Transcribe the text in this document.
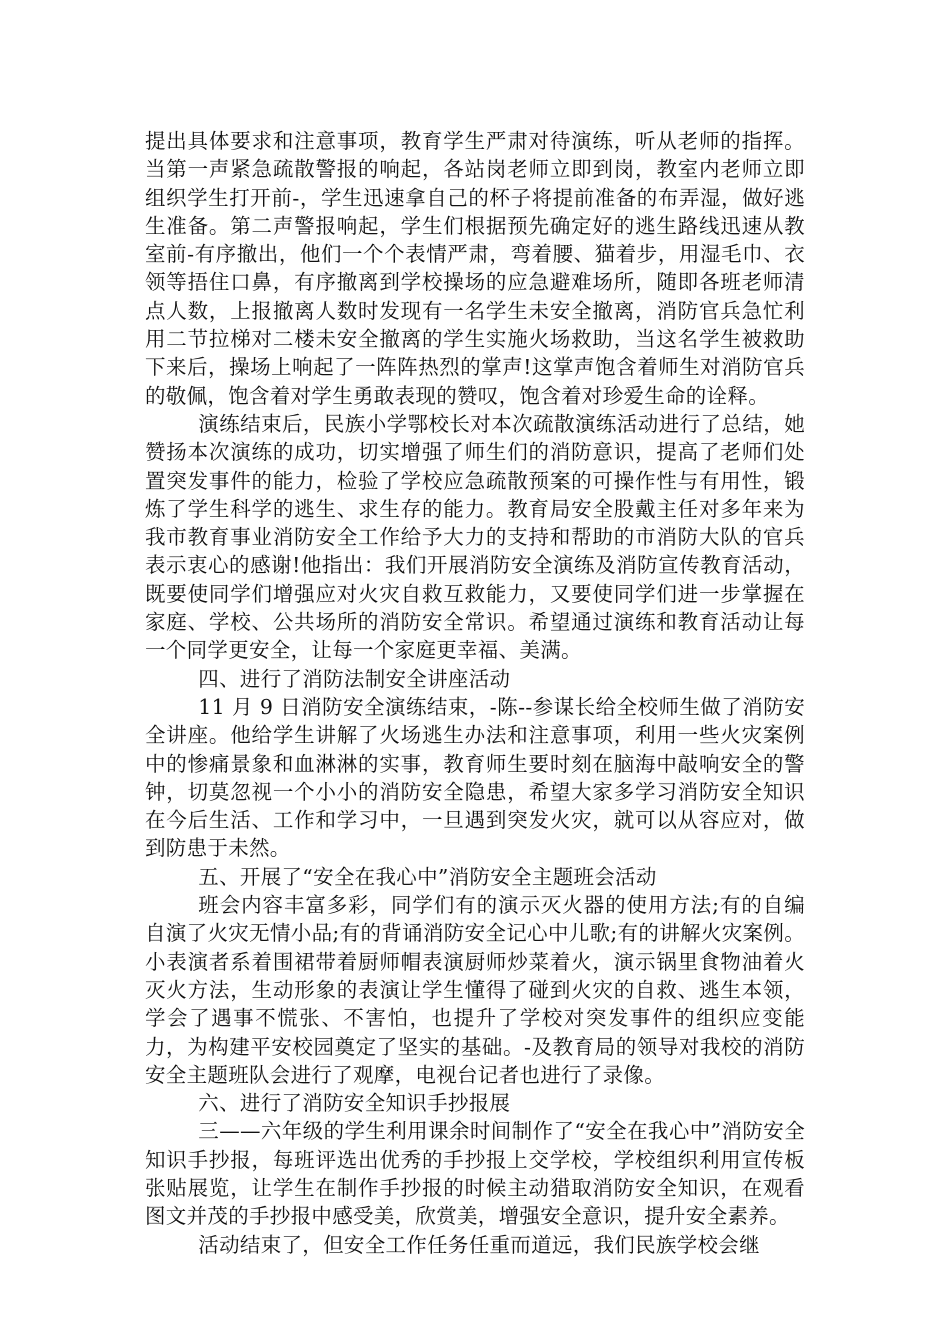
提出具体要求和注意事项，教育学生严肃对待演练，听从老师的指挥。当第一声紧急疏散警报的响起，各站岗老师立即到岗，教室内老师立即组织学生打开前-，学生迅速拿自己的杯子将提前准备的布弄湿，做好逃生准备。第二声警报响起，学生们根据预先确定好的逃生路线迅速从教室前-有序撤出，他们一个个表情严肃，弯着腰、猫着步，用湿毛巾、衣领等捂住口鼻，有序撤离到学校操场的应急避难场所，随即各班老师清点人数，上报撤离人数时发现有一名学生未安全撤离，消防官兵急忙利用二节拉梯对二楼未安全撤离的学生实施火场救助，当这名学生被救助下来后，操场上响起了一阵阵热烈的掌声!这掌声饱含着师生对消防官兵的敬佩，饱含着对学生勇敢表现的赞叹，饱含着对珍爱生命的诠释。

演练结束后，民族小学鄂校长对本次疏散演练活动进行了总结，她赞扬本次演练的成功，切实增强了师生们的消防意识，提高了老师们处置突发事件的能力，检验了学校应急疏散预案的可操作性与有用性，锻炼了学生科学的逃生、求生存的能力。教育局安全股戴主任对多年来为我市教育事业消防安全工作给予大力的支持和帮助的市消防大队的官兵表示衷心的感谢!他指出：我们开展消防安全演练及消防宣传教育活动，既要使同学们增强应对火灾自救互救能力，又要使同学们进一步掌握在家庭、学校、公共场所的消防安全常识。希望通过演练和教育活动让每一个同学更安全，让每一个家庭更幸福、美满。

四、进行了消防法制安全讲座活动

11 月 9 日消防安全演练结束，-陈--参谋长给全校师生做了消防安全讲座。他给学生讲解了火场逃生办法和注意事项，利用一些火灾案例中的惨痛景象和血淋淋的实事，教育师生要时刻在脑海中敲响安全的警钟，切莫忽视一个小小的消防安全隐患，希望大家多学习消防安全知识在今后生活、工作和学习中，一旦遇到突发火灾，就可以从容应对，做到防患于未然。

五、开展了“安全在我心中”消防安全主题班会活动

班会内容丰富多彩，同学们有的演示灭火器的使用方法;有的自编自演了火灾无情小品;有的背诵消防安全记心中儿歌;有的讲解火灾案例。小表演者系着围裙带着厨师帽表演厨师炒菜着火，演示锅里食物油着火灭火方法，生动形象的表演让学生懂得了碰到火灾的自救、逃生本领，学会了遇事不慌张、不害怕，也提升了学校对突发事件的组织应变能力，为构建平安校园奠定了坚实的基础。-及教育局的领导对我校的消防安全主题班队会进行了观摩，电视台记者也进行了录像。

六、进行了消防安全知识手抄报展

三——六年级的学生利用课余时间制作了“安全在我心中”消防安全知识手抄报，每班评选出优秀的手抄报上交学校，学校组织利用宣传板张贴展览，让学生在制作手抄报的时候主动猎取消防安全知识，在观看图文并茂的手抄报中感受美，欣赏美，增强安全意识，提升安全素养。

活动结束了，但安全工作任务任重而道远，我们民族学校会继
